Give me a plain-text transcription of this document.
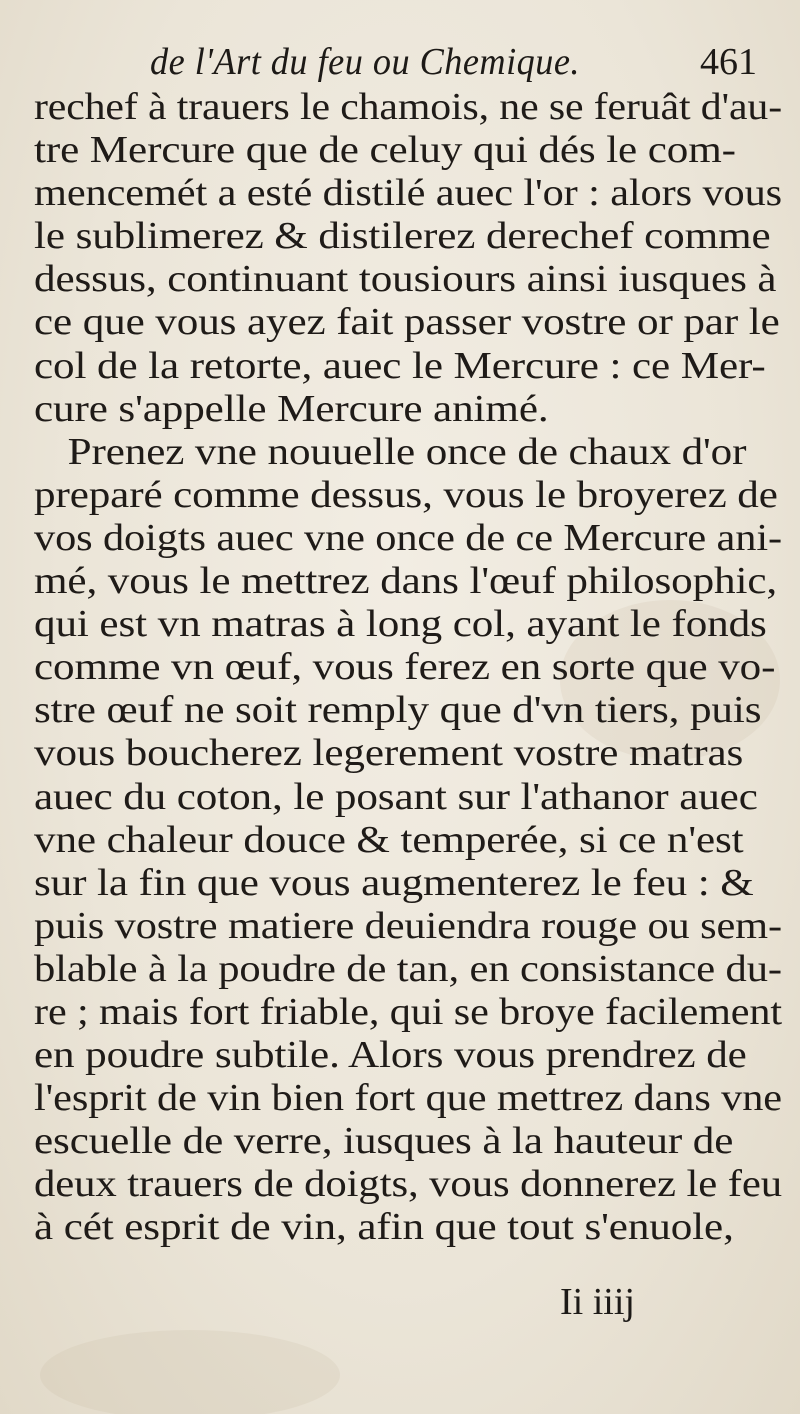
de l'Art du feu ou Chemique.	461
rechef à trauers le chamois, ne se feruât d'au-
tre Mercure que de celuy qui dés le com-
mencemét a esté distilé auec l'or : alors vous
le sublimerez & distilerez derechef comme
dessus, continuant tousiours ainsi iusques à
ce que vous ayez fait passer vostre or par le
col de la retorte, auec le Mercure : ce Mer-
cure s'appelle Mercure animé.
Prenez vne nouuelle once de chaux d'or
preparé comme dessus, vous le broyerez de
vos doigts auec vne once de ce Mercure ani-
mé, vous le mettrez dans l'œuf philosophic,
qui est vn matras à long col, ayant le fonds
comme vn œuf, vous ferez en sorte que vo-
stre œuf ne soit remply que d'vn tiers, puis
vous boucherez legerement vostre matras
auec du coton, le posant sur l'athanor auec
vne chaleur douce & temperée, si ce n'est
sur la fin que vous augmenterez le feu : &
puis vostre matiere deuiendra rouge ou sem-
blable à la poudre de tan, en consistance du-
re ; mais fort friable, qui se broye facilement
en poudre subtile. Alors vous prendrez de
l'esprit de vin bien fort que mettrez dans vne
escuelle de verre, iusques à la hauteur de
deux trauers de doigts, vous donnerez le feu
à cét esprit de vin, afin que tout s'enuole,
Ii iiij
